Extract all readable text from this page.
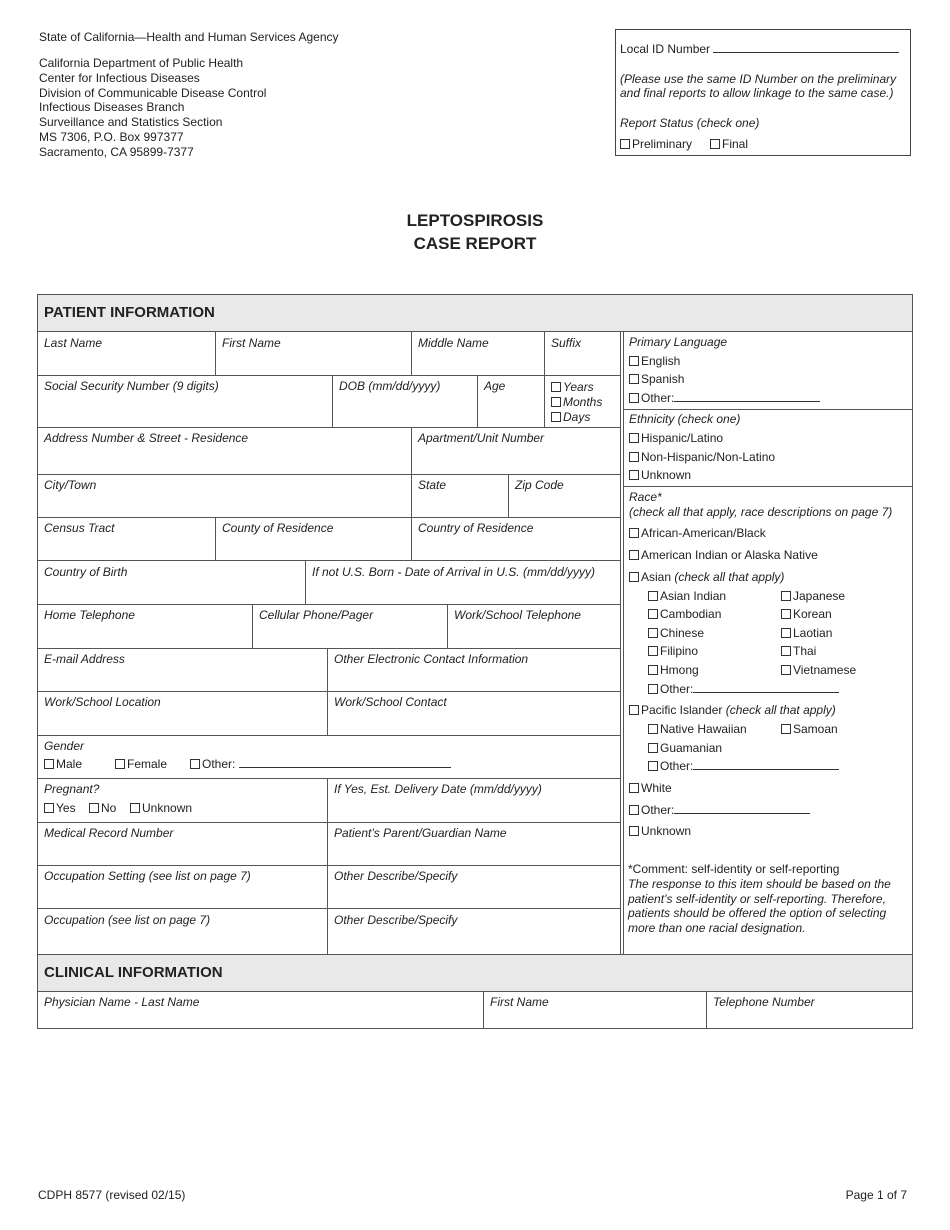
State of California—Health and Human Services Agency
California Department of Public Health
Center for Infectious Diseases
Division of Communicable Disease Control
Infectious Diseases Branch
Surveillance and Statistics Section
MS 7306, P.O. Box 997377
Sacramento, CA 95899-7377
Local ID Number
(Please use the same ID Number on the preliminary
and final reports to allow linkage to the same case.)
Report Status (check one)
Preliminary	Final
LEPTOSPIROSIS
CASE REPORT
PATIENT INFORMATION
CLINICAL INFORMATION
Last Name	First Name	Middle Name	Suffix
Social Security Number (9 digits)	DOB (mm/dd/yyyy)	Age	Years
Months
Days
Address Number & Street - Residence	Apartment/Unit Number
City/Town	State	Zip Code
Census Tract	County of Residence	Country of Residence
Country of Birth	If not U.S. Born - Date of Arrival in U.S. (mm/dd/yyyy)
Home Telephone	Cellular Phone/Pager	Work/School Telephone
E-mail Address	Other Electronic Contact Information
Work/School Location	Work/School Contact
Gender
Male	Female	Other:
Pregnant?
Yes	No	Unknown
If Yes, Est. Delivery Date (mm/dd/yyyy)
Medical Record Number	Patient’s Parent/Guardian Name
Occupation Setting (see list on page 7)	Other Describe/Specify
Occupation (see list on page 7)	Other Describe/Specify
Primary Language
English
Spanish
Other:
Ethnicity (check one)
Hispanic/Latino
Non-Hispanic/Non-Latino
Unknown
Race*
(check all that apply, race descriptions on page 7)
African-American/Black
American Indian or Alaska Native
Asian (check all that apply)
Asian Indian	Japanese
Cambodian	Korean
Chinese	Laotian
Filipino	Thai
Hmong	Vietnamese
Other:
Pacific Islander (check all that apply)
Native Hawaiian	Samoan
Guamanian
Other:
White
Other:
Unknown
*Comment: self-identity or self-reporting
The response to this item should be based on the
patient’s self-identity or self-reporting. Therefore,
patients should be offered the option of selecting
more than one racial designation.
Physician Name - Last Name	First Name	Telephone Number
CDPH 8577 (revised 02/15)	Page 1 of 7
